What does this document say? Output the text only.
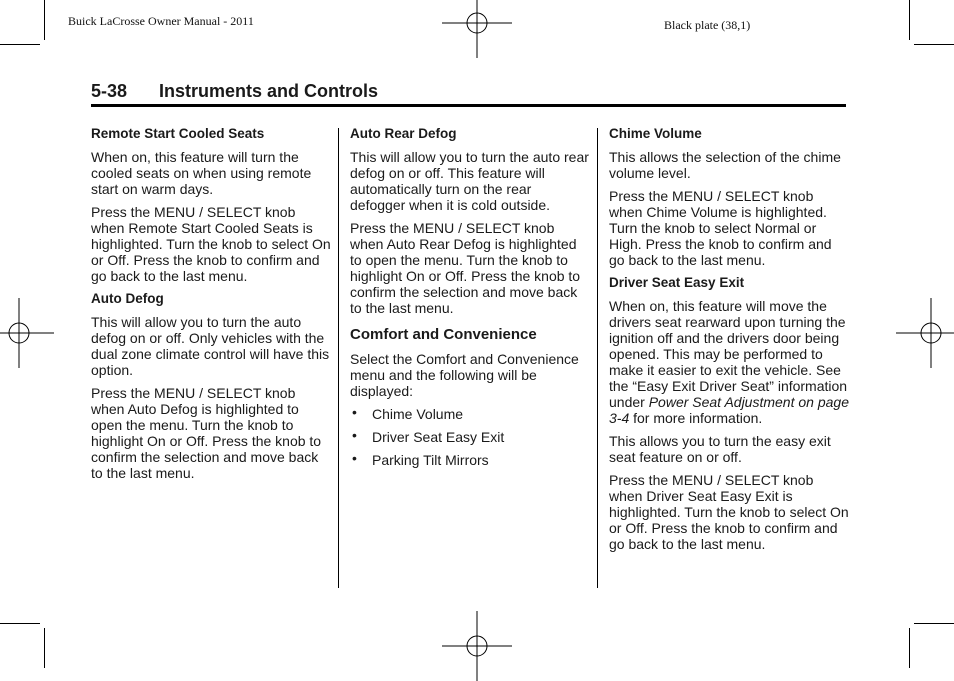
Buick LaCrosse Owner Manual - 2011	Black plate (38,1)
5-38 Instruments and Controls
Remote Start Cooled Seats

When on, this feature will turn the cooled seats on when using remote start on warm days.

Press the MENU / SELECT knob when Remote Start Cooled Seats is highlighted. Turn the knob to select On or Off. Press the knob to confirm and go back to the last menu.

Auto Defog

This will allow you to turn the auto defog on or off. Only vehicles with the dual zone climate control will have this option.

Press the MENU / SELECT knob when Auto Defog is highlighted to open the menu. Turn the knob to highlight On or Off. Press the knob to confirm the selection and move back to the last menu.

Auto Rear Defog

This will allow you to turn the auto rear defog on or off. This feature will automatically turn on the rear defogger when it is cold outside.

Press the MENU / SELECT knob when Auto Rear Defog is highlighted to open the menu. Turn the knob to highlight On or Off. Press the knob to confirm the selection and move back to the last menu.

Comfort and Convenience

Select the Comfort and Convenience menu and the following will be displayed:

• Chime Volume
• Driver Seat Easy Exit
• Parking Tilt Mirrors
Chime Volume

This allows the selection of the chime volume level.

Press the MENU / SELECT knob when Chime Volume is highlighted. Turn the knob to select Normal or High. Press the knob to confirm and go back to the last menu.

Driver Seat Easy Exit

When on, this feature will move the drivers seat rearward upon turning the ignition off and the drivers door being opened. This may be performed to make it easier to exit the vehicle. See the “Easy Exit Driver Seat” information under Power Seat Adjustment on page 3-4 for more information.

This allows you to turn the easy exit seat feature on or off.

Press the MENU / SELECT knob when Driver Seat Easy Exit is highlighted. Turn the knob to select On or Off. Press the knob to confirm and go back to the last menu.
